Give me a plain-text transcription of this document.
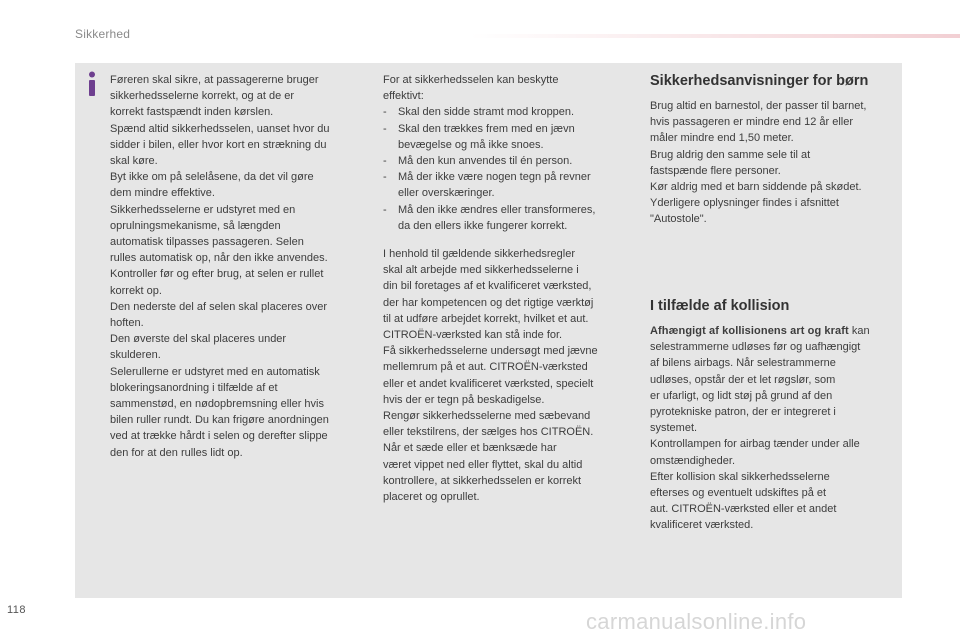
Sikkerhed

Føreren skal sikre, at passagererne bruger

sikkerhedsselerne korrekt, og at de er

korrekt fastspændt inden kørslen.

Spænd altid sikkerhedsselen, uanset hvor du

sidder i bilen, eller hvor kort en strækning du

skal køre.

Byt ikke om på selelåsene, da det vil gøre

dem mindre effektive.

Sikkerhedsselerne er udstyret med en

oprulningsmekanisme, så længden

automatisk tilpasses passageren. Selen

rulles automatisk op, når den ikke anvendes.

Kontroller før og efter brug, at selen er rullet

korrekt op.

Den nederste del af selen skal placeres over

hoften.

Den øverste del skal placeres under

skulderen.

Selerullerne er udstyret med en automatisk

blokeringsanordning i tilfælde af et

sammenstød, en nødopbremsning eller hvis

bilen ruller rundt. Du kan frigøre anordningen

ved at trække hårdt i selen og derefter slippe

den for at den rulles lidt op.

For at sikkerhedsselen kan beskytte

effektivt:

- Skal den sidde stramt mod kroppen.
- Skal den trækkes frem med en jævn
bevægelse og må ikke snoes.
- Må den kun anvendes til én person.
- Må der ikke være nogen tegn på revner
eller overskæringer.
- Må den ikke ændres eller transformeres,
da den ellers ikke fungerer korrekt.

I henhold til gældende sikkerhedsregler

skal alt arbejde med sikkerhedsselerne i

din bil foretages af et kvalificeret værksted,

der har kompetencen og det rigtige værktøj

til at udføre arbejdet korrekt, hvilket et aut.

CITROËN-værksted kan stå inde for.

Få sikkerhedsselerne undersøgt med jævne

mellemrum på et aut. CITROËN-værksted

eller et andet kvalificeret værksted, specielt

hvis der er tegn på beskadigelse.

Rengør sikkerhedsselerne med sæbevand

eller tekstilrens, der sælges hos CITROËN.

Når et sæde eller et bænksæde har

været vippet ned eller flyttet, skal du altid

kontrollere, at sikkerhedsselen er korrekt

placeret og oprullet.

Sikkerhedsanvisninger for børn

Brug altid en barnestol, der passer til barnet,

hvis passageren er mindre end 12 år eller

måler mindre end 1,50 meter.

Brug aldrig den samme sele til at

fastspænde flere personer.

Kør aldrig med et barn siddende på skødet.

Yderligere oplysninger findes i afsnittet

"Autostole".

I tilfælde af kollision

Afhængigt af kollisionens art og kraft kan

selestrammerne udløses før og uafhængigt

af bilens airbags. Når selestrammerne

udløses, opstår der et let røgslør, som

er ufarligt, og lidt støj på grund af den

pyrotekniske patron, der er integreret i

systemet.

Kontrollampen for airbag tænder under alle

omstændigheder.

Efter kollision skal sikkerhedsselerne

efterses og eventuelt udskiftes på et

aut. CITROËN-værksted eller et andet

kvalificeret værksted.

118	carmanualsonline.info
